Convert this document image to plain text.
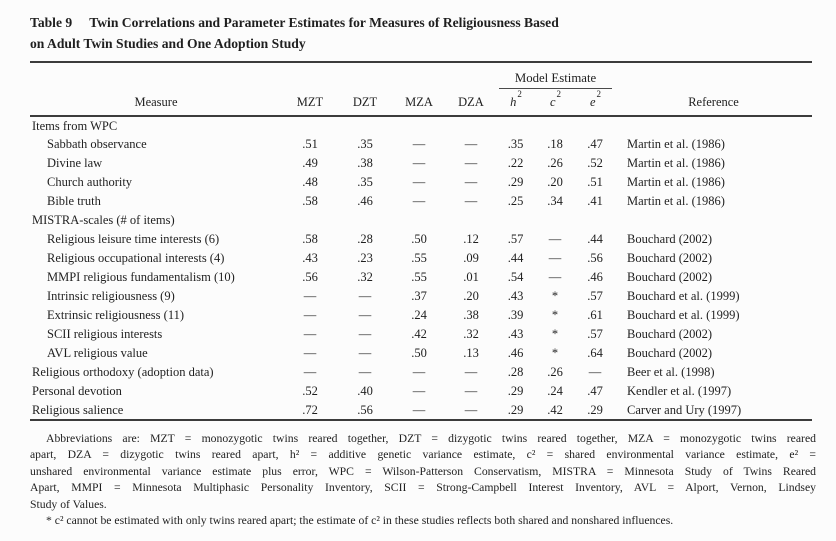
Table 9 Twin Correlations and Parameter Estimates for Measures of Religiousness Based
on Adult Twin Studies and One Adoption Study

					Model Estimate			

Measure	MZT	DZT	MZA	DZA	$h^2$	$c^2$	$e^2$	Reference
Items from WPC								
Sabbath observance	.51	.35	—	—	.35	.18	.47	Martin et al. (1986)
Divine law	.49	.38	—	—	.22	.26	.52	Martin et al. (1986)
Church authority	.48	.35	—	—	.29	.20	.51	Martin et al. (1986)
Bible truth	.58	.46	—	—	.25	.34	.41	Martin et al. (1986)
MISTRA-scales (# of items)								
Religious leisure time interests (6)	.58	.28	.50	.12	.57	—	.44	Bouchard (2002)
Religious occupational interests (4)	.43	.23	.55	.09	.44	—	.56	Bouchard (2002)
MMPI religious fundamentalism (10)	.56	.32	.55	.01	.54	—	.46	Bouchard (2002)
Intrinsic religiousness (9)	—	—	.37	.20	.43	*	.57	Bouchard et al. (1999)
Extrinsic religiousness (11)	—	—	.24	.38	.39	*	.61	Bouchard et al. (1999)
SCII religious interests	—	—	.42	.32	.43	*	.57	Bouchard (2002)
AVL religious value	—	—	.50	.13	.46	*	.64	Bouchard (2002)
Religious orthodoxy (adoption data)	—	—	—	—	.28	.26	—	Beer et al. (1998)
Personal devotion	.52	.40	—	—	.29	.24	.47	Kendler et al. (1997)
Religious salience	.72	.56	—	—	.29	.42	.29	Carver and Ury (1997)

Abbreviations are: MZT = monozygotic twins reared together, DZT = dizygotic twins reared together, MZA = monozygotic twins reared
apart, DZA = dizygotic twins reared apart, h² = additive genetic variance estimate, c² = shared environmental variance estimate, e² =
unshared environmental variance estimate plus error, WPC = Wilson-Patterson Conservatism, MISTRA = Minnesota Study of Twins Reared
Apart, MMPI = Minnesota Multiphasic Personality Inventory, SCII = Strong-Campbell Interest Inventory, AVL = Alport, Vernon, Lindsey
Study of Values.

* c² cannot be estimated with only twins reared apart; the estimate of c² in these studies reflects both shared and nonshared influences.
